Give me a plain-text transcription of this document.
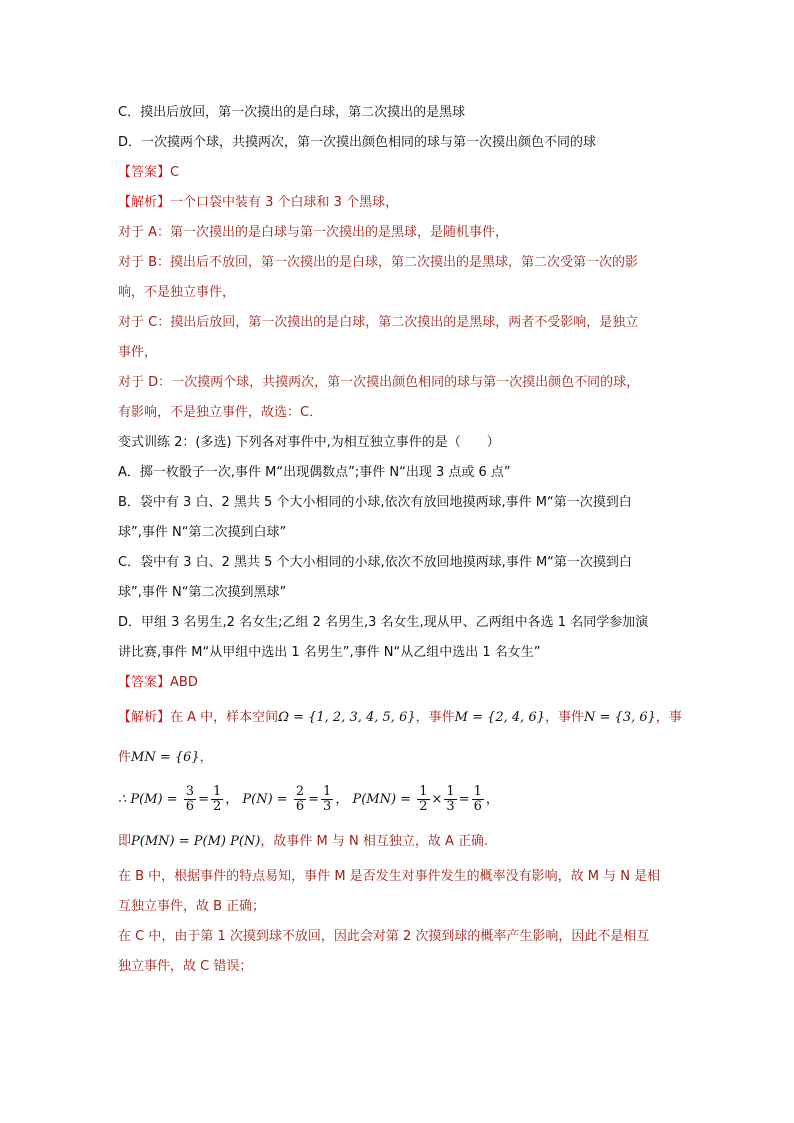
C．摸出后放回，第一次摸出的是白球，第二次摸出的是黑球
D．一次摸两个球，共摸两次，第一次摸出颜色相同的球与第一次摸出颜色不同的球
【答案】C
【解析】一个口袋中装有 3 个白球和 3 个黑球，
对于 A：第一次摸出的是白球与第一次摸出的是黑球，是随机事件，
对于 B：摸出后不放回，第一次摸出的是白球，第二次摸出的是黑球，第二次受第一次的影
响，不是独立事件，
对于 C：摸出后放回，第一次摸出的是白球，第二次摸出的是黑球，两者不受影响，是独立
事件，
对于 D：一次摸两个球，共摸两次，第一次摸出颜色相同的球与第一次摸出颜色不同的球，
有影响，不是独立事件，故选：C．
变式训练 2：(多选) 下列各对事件中,为相互独立事件的是（　　）
A．掷一枚骰子一次,事件 M“出现偶数点”;事件 N“出现 3 点或 6 点”
B．袋中有 3 白、2 黑共 5 个大小相同的小球,依次有放回地摸两球,事件 M“第一次摸到白
球”,事件 N“第二次摸到白球”
C．袋中有 3 白、2 黑共 5 个大小相同的小球,依次不放回地摸两球,事件 M“第一次摸到白
球”,事件 N“第二次摸到黑球”
D．甲组 3 名男生,2 名女生;乙组 2 名男生,3 名女生,现从甲、乙两组中各选 1 名同学参加演
讲比赛,事件 M“从甲组中选出 1 名男生”,事件 N“从乙组中选出 1 名女生”
【答案】ABD
【解析】在 A 中，样本空间Ω = {1, 2, 3, 4, 5, 6}，事件M = {2, 4, 6}，事件N = {3, 6}，事
件MN = {6}，
∴ $P(M) = \frac{3}{6} = \frac{1}{2}$ ， $P(N) = \frac{2}{6} = \frac{1}{3}$ ， $P(MN) = \frac{1}{2} \times \frac{1}{3} = \frac{1}{6}$ ，
即P(MN) = P(M) P(N)，故事件 M 与 N 相互独立，故 A 正确.
在 B 中，根据事件的特点易知，事件 M 是否发生对事件发生的概率没有影响，故 M 与 N 是相
互独立事件，故 B 正确；
在 C 中，由于第 1 次摸到球不放回，因此会对第 2 次摸到球的概率产生影响，因此不是相互
独立事件，故 C 错误；
